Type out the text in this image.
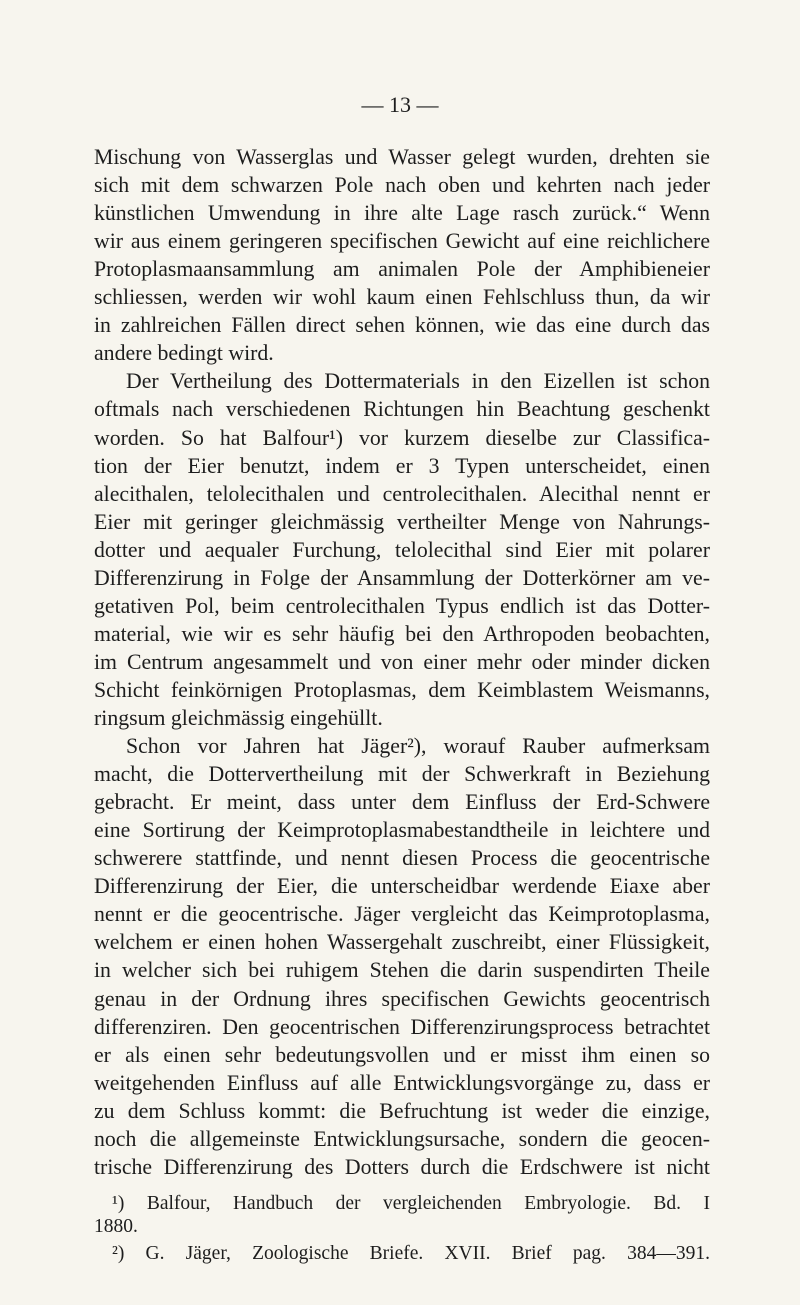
— 13 —
Mischung von Wasserglas und Wasser gelegt wurden, drehten sie
sich mit dem schwarzen Pole nach oben und kehrten nach jeder
künstlichen Umwendung in ihre alte Lage rasch zurück.“ Wenn
wir aus einem geringeren specifischen Gewicht auf eine reichlichere
Protoplasmaansammlung am animalen Pole der Amphibieneier
schliessen, werden wir wohl kaum einen Fehlschluss thun, da wir
in zahlreichen Fällen direct sehen können, wie das eine durch das
andere bedingt wird.
Der Vertheilung des Dottermaterials in den Eizellen ist schon
oftmals nach verschiedenen Richtungen hin Beachtung geschenkt
worden. So hat Balfour¹) vor kurzem dieselbe zur Classifica-
tion der Eier benutzt, indem er 3 Typen unterscheidet, einen
alecithalen, telolecithalen und centrolecithalen. Alecithal nennt er
Eier mit geringer gleichmässig vertheilter Menge von Nahrungs-
dotter und aequaler Furchung, telolecithal sind Eier mit polarer
Differenzirung in Folge der Ansammlung der Dotterkörner am ve-
getativen Pol, beim centrolecithalen Typus endlich ist das Dotter-
material, wie wir es sehr häufig bei den Arthropoden beobachten,
im Centrum angesammelt und von einer mehr oder minder dicken
Schicht feinkörnigen Protoplasmas, dem Keimblastem Weismanns,
ringsum gleichmässig eingehüllt.
Schon vor Jahren hat Jäger²), worauf Rauber aufmerksam
macht, die Dottervertheilung mit der Schwerkraft in Beziehung
gebracht. Er meint, dass unter dem Einfluss der Erd-Schwere
eine Sortirung der Keimprotoplasmabestandtheile in leichtere und
schwerere stattfinde, und nennt diesen Process die geocentrische
Differenzirung der Eier, die unterscheidbar werdende Eiaxe aber
nennt er die geocentrische. Jäger vergleicht das Keimprotoplasma,
welchem er einen hohen Wassergehalt zuschreibt, einer Flüssigkeit,
in welcher sich bei ruhigem Stehen die darin suspendirten Theile
genau in der Ordnung ihres specifischen Gewichts geocentrisch
differenziren. Den geocentrischen Differenzirungsprocess betrachtet
er als einen sehr bedeutungsvollen und er misst ihm einen so
weitgehenden Einfluss auf alle Entwicklungsvorgänge zu, dass er
zu dem Schluss kommt: die Befruchtung ist weder die einzige,
noch die allgemeinste Entwicklungsursache, sondern die geocen-
trische Differenzirung des Dotters durch die Erdschwere ist nicht
¹) Balfour, Handbuch der vergleichenden Embryologie. Bd. I
1880.
²) G. Jäger, Zoologische Briefe. XVII. Brief pag. 384—391.
